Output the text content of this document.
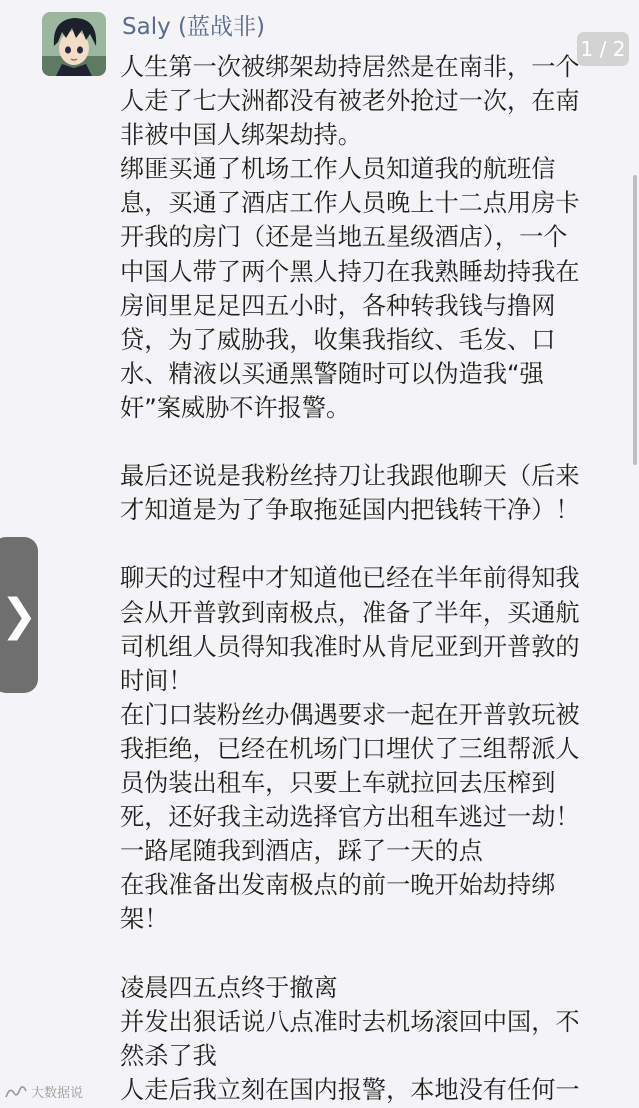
Saly (蓝战非)
1 / 2
人生第一次被绑架劫持居然是在南非，一个
人走了七大洲都没有被老外抢过一次，在南
非被中国人绑架劫持。
绑匪买通了机场工作人员知道我的航班信
息，买通了酒店工作人员晚上十二点用房卡
开我的房门（还是当地五星级酒店），一个
中国人带了两个黑人持刀在我熟睡劫持我在
房间里足足四五小时，各种转我钱与撸网
贷，为了威胁我，收集我指纹、毛发、口
水、精液以买通黑警随时可以伪造我“强
奸”案威胁不许报警。
最后还说是我粉丝持刀让我跟他聊天（后来
才知道是为了争取拖延国内把钱转干净）！
聊天的过程中才知道他已经在半年前得知我
会从开普敦到南极点，准备了半年，买通航
司机组人员得知我准时从肯尼亚到开普敦的
时间！
在门口装粉丝办偶遇要求一起在开普敦玩被
我拒绝，已经在机场门口埋伏了三组帮派人
员伪装出租车，只要上车就拉回去压榨到
死，还好我主动选择官方出租车逃过一劫！
一路尾随我到酒店，踩了一天的点
在我准备出发南极点的前一晚开始劫持绑
架！
凌晨四五点终于撤离
并发出狠话说八点准时去机场滚回中国，不
然杀了我
人走后我立刻在国内报警，本地没有任何一
❯
大数据说
